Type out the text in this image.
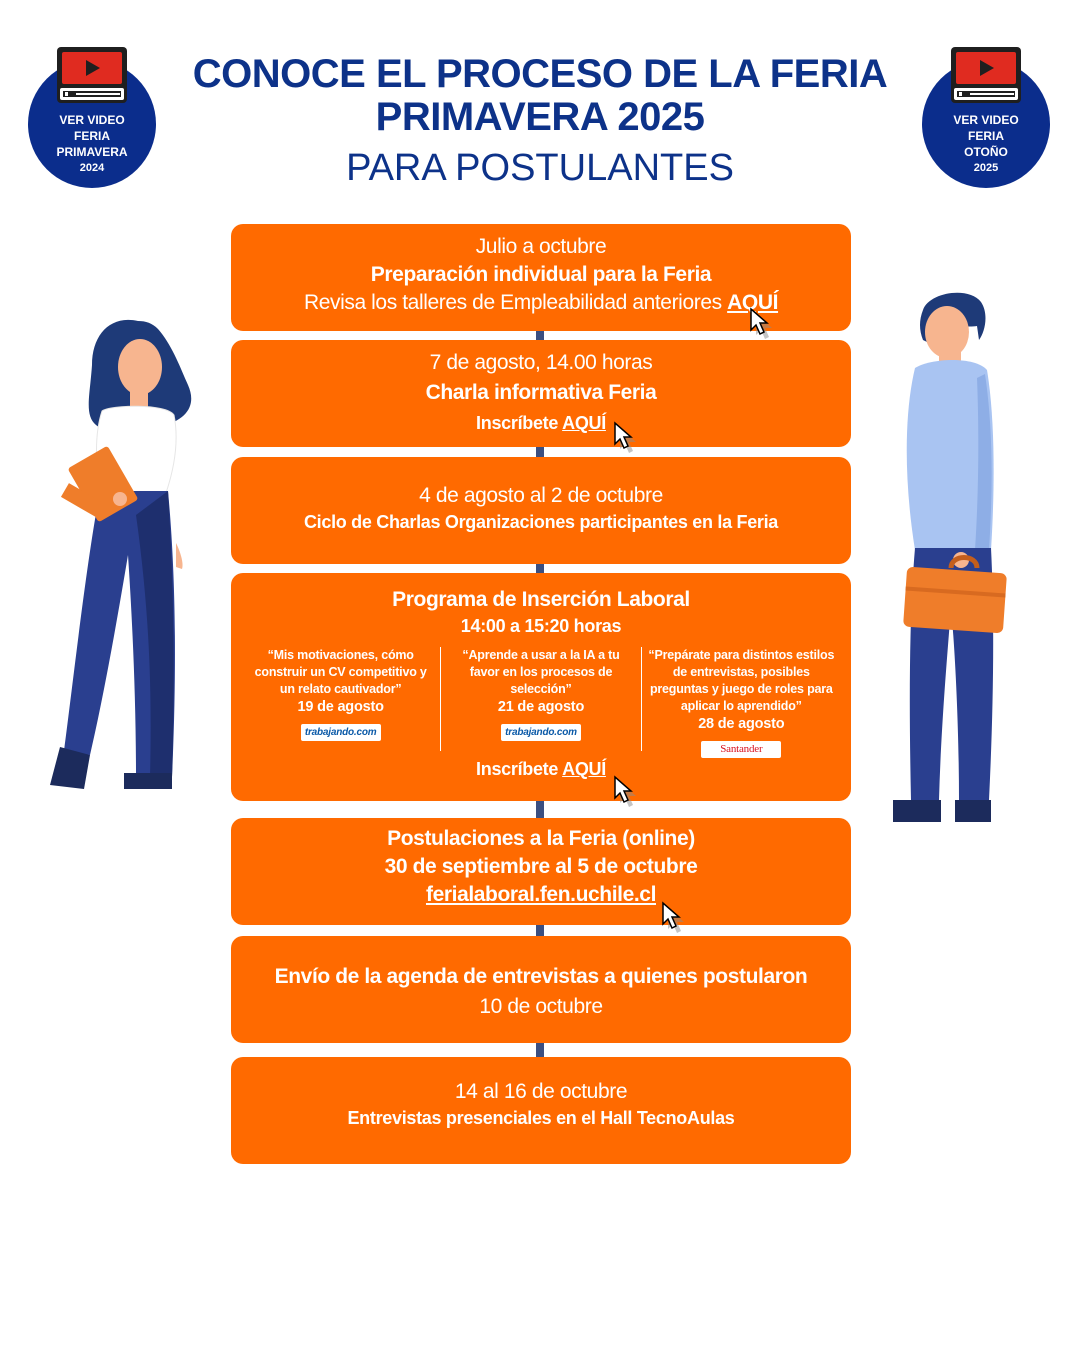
CONOCE EL PROCESO DE LA FERIA
PRIMAVERA 2025
PARA POSTULANTES
VER VIDEO
FERIA
PRIMAVERA
2024
VER VIDEO
FERIA
OTOÑO
2025
Julio a octubre
Preparación individual para la Feria
Revisa los talleres de Empleabilidad anteriores AQUÍ
7 de agosto, 14.00 horas
Charla informativa Feria
Inscríbete AQUÍ
4 de agosto al 2 de octubre
Ciclo de Charlas Organizaciones participantes en la Feria
Programa de Inserción Laboral
14:00 a 15:20 horas
“Mis motivaciones, cómo construir un CV competitivo y un relato cautivador”
19 de agosto
trabajando.com
“Aprende a usar a la IA a tu favor en los procesos de selección”
21 de agosto
trabajando.com
“Prepárate para distintos estilos de entrevistas, posibles preguntas y juego de roles para aplicar lo aprendido”
28 de agosto
Santander
Inscríbete AQUÍ
Postulaciones a la Feria (online)
30 de septiembre al 5 de octubre
ferialaboral.fen.uchile.cl
Envío de la agenda de entrevistas a quienes postularon
10 de octubre
14 al 16 de octubre
Entrevistas presenciales en el Hall TecnoAulas
